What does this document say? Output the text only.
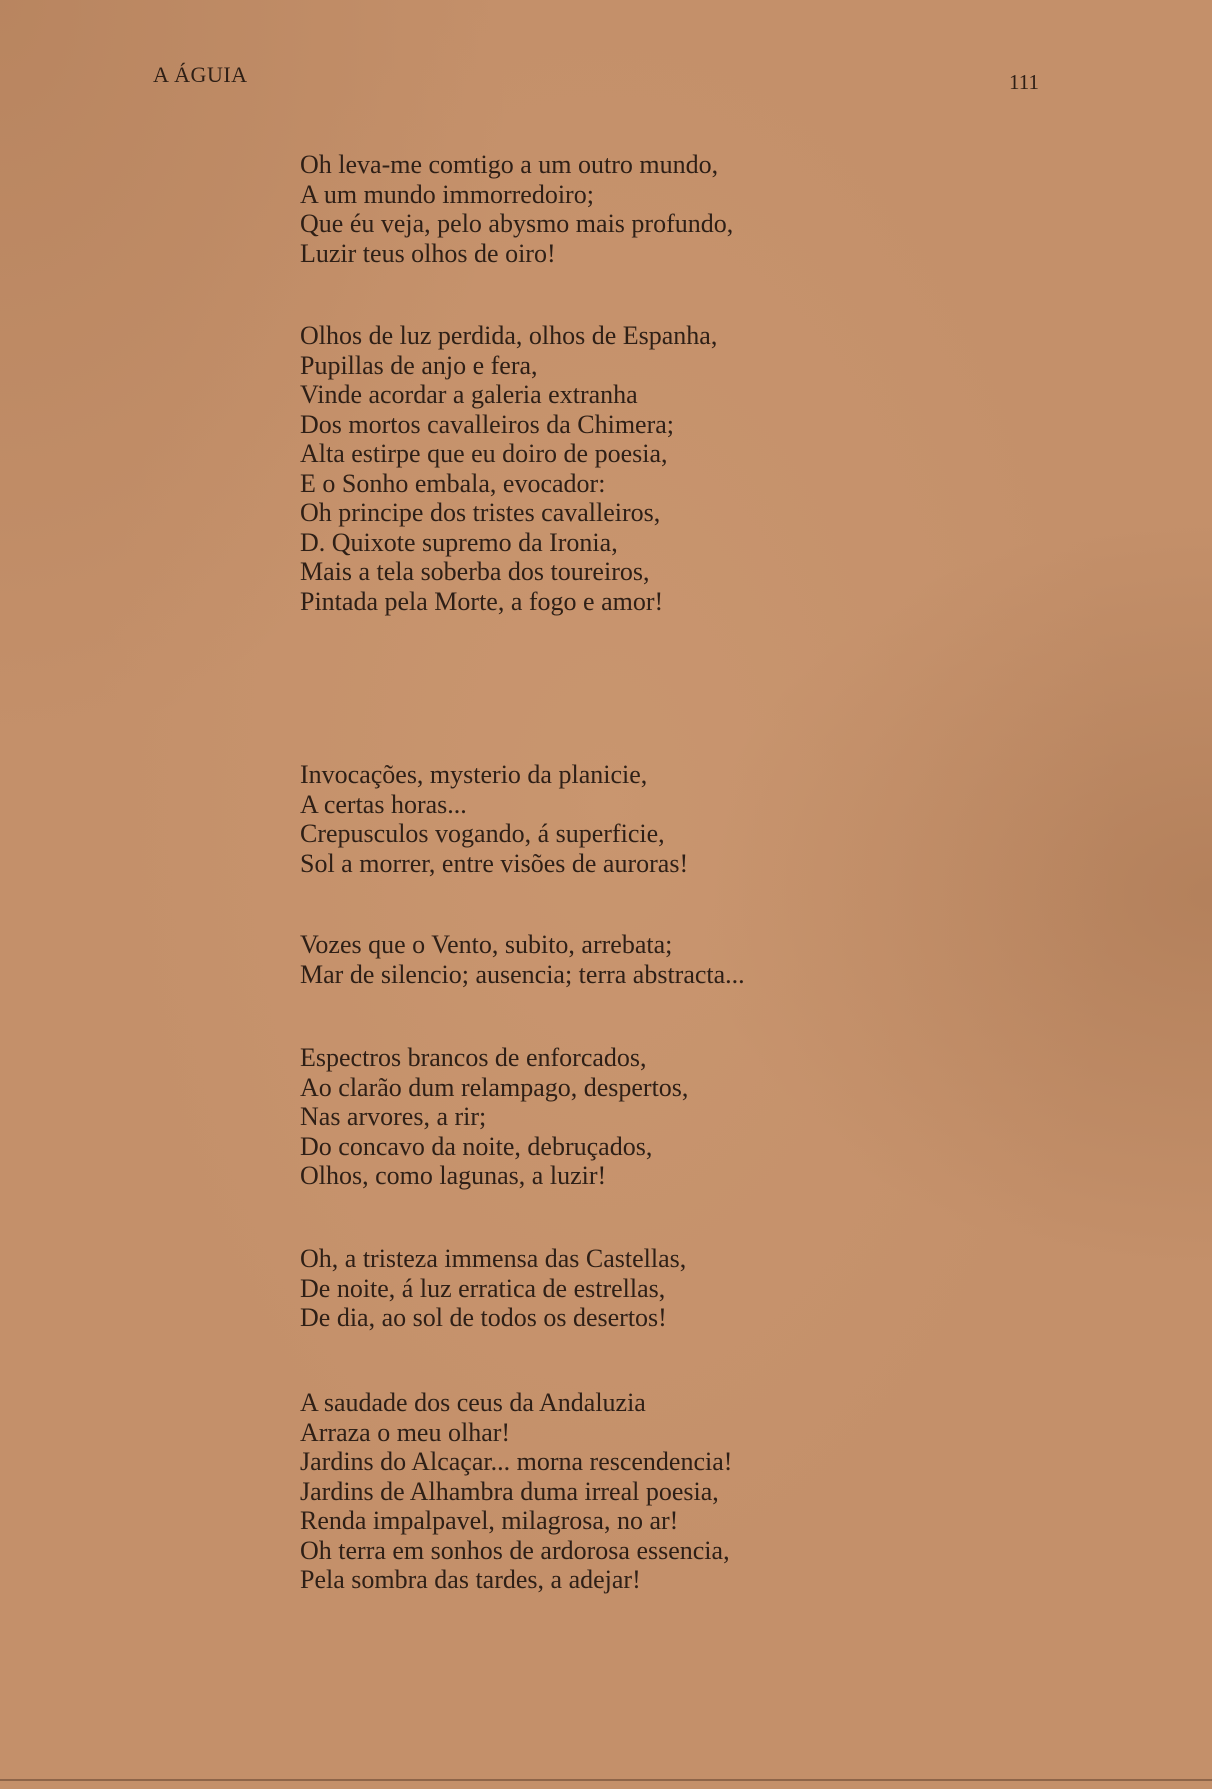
A ÁGUIA	111
Oh leva-me comtigo a um outro mundo,
A um mundo immorredoiro;
Que éu veja, pelo abysmo mais profundo,
Luzir teus olhos de oiro!
Olhos de luz perdida, olhos de Espanha,
Pupillas de anjo e fera,
Vinde acordar a galeria extranha
Dos mortos cavalleiros da Chimera;
Alta estirpe que eu doiro de poesia,
E o Sonho embala, evocador:
Oh principe dos tristes cavalleiros,
D. Quixote supremo da Ironia,
Mais a tela soberba dos toureiros,
Pintada pela Morte, a fogo e amor!
Invocações, mysterio da planicie,
A certas horas...
Crepusculos vogando, á superficie,
Sol a morrer, entre visões de auroras!
Vozes que o Vento, subito, arrebata;
Mar de silencio; ausencia; terra abstracta...
Espectros brancos de enforcados,
Ao clarão dum relampago, despertos,
Nas arvores, a rir;
Do concavo da noite, debruçados,
Olhos, como lagunas, a luzir!
Oh, a tristeza immensa das Castellas,
De noite, á luz erratica de estrellas,
De dia, ao sol de todos os desertos!
A saudade dos ceus da Andaluzia
Arraza o meu olhar!
Jardins do Alcaçar... morna rescendencia!
Jardins de Alhambra duma irreal poesia,
Renda impalpavel, milagrosa, no ar!
Oh terra em sonhos de ardorosa essencia,
Pela sombra das tardes, a adejar!
